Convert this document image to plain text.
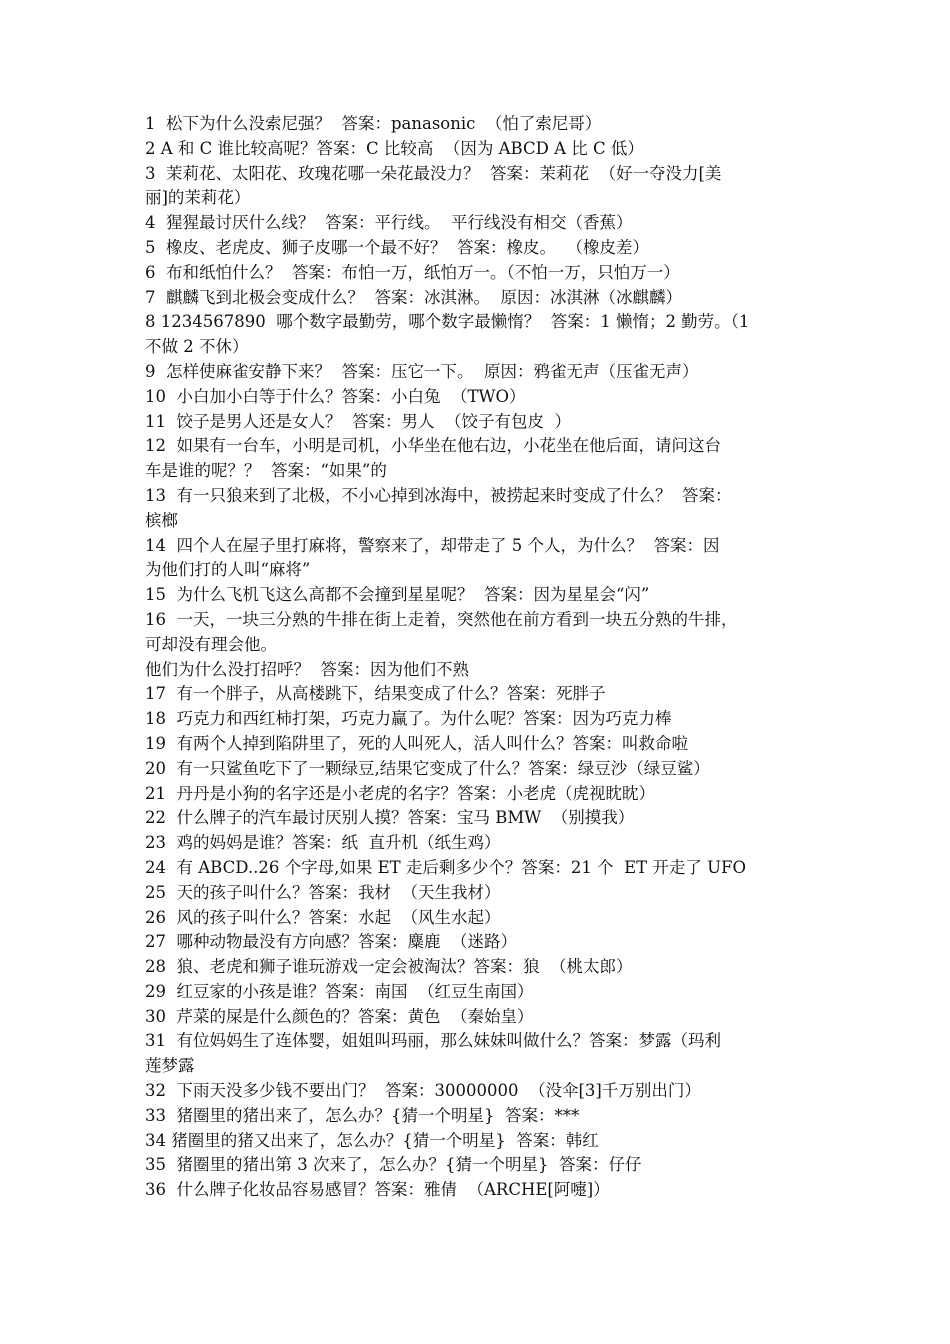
1  松下为什么没索尼强？  答案：panasonic  （怕了索尼哥）
2 A 和 C 谁比较高呢？答案：C 比较高  （因为 ABCD A 比 C 低）
3  茉莉花、太阳花、玫瑰花哪一朵花最没力？  答案：茉莉花  （好一夺没力[美
丽]的茉莉花）
4  猩猩最讨厌什么线？  答案：平行线。  平行线没有相交（香蕉）
5  橡皮、老虎皮、狮子皮哪一个最不好？  答案：橡皮。  （橡皮差）
6  布和纸怕什么？  答案：布怕一万，纸怕万一。（不怕一万，只怕万一）
7  麒麟飞到北极会变成什么？  答案：冰淇淋。  原因：冰淇淋（冰麒麟）
8 1234567890  哪个数字最勤劳，哪个数字最懒惰？  答案：1 懒惰；2 勤劳。（1
不做 2 不休）
9  怎样使麻雀安静下来？  答案：压它一下。  原因：鸦雀无声（压雀无声）
10  小白加小白等于什么？答案：小白兔  （TWO）
11  饺子是男人还是女人？  答案：男人  （饺子有包皮  ）
12  如果有一台车，小明是司机，小华坐在他右边，小花坐在他后面，请问这台
车是谁的呢？？  答案：“如果”的
13  有一只狼来到了北极，不小心掉到冰海中，被捞起来时变成了什么？  答案：
槟榔
14  四个人在屋子里打麻将，警察来了，却带走了 5 个人，为什么？  答案：因
为他们打的人叫“麻将”
15  为什么飞机飞这么高都不会撞到星星呢？  答案：因为星星会“闪”
16  一天，一块三分熟的牛排在街上走着，突然他在前方看到一块五分熟的牛排，
可却没有理会他。
他们为什么没打招呼？  答案：因为他们不熟
17  有一个胖子，从高楼跳下，结果变成了什么？答案：死胖子
18  巧克力和西红柿打架，巧克力赢了。为什么呢？答案：因为巧克力棒
19  有两个人掉到陷阱里了，死的人叫死人，活人叫什么？答案：叫救命啦
20  有一只鲨鱼吃下了一颗绿豆,结果它变成了什么？答案：绿豆沙（绿豆鲨）
21  丹丹是小狗的名字还是小老虎的名字？答案：小老虎（虎视眈眈）
22  什么牌子的汽车最讨厌别人摸？答案：宝马 BMW  （别摸我）
23  鸡的妈妈是谁？答案：纸  直升机（纸生鸡）
24  有 ABCD..26 个字母,如果 ET 走后剩多少个？答案：21 个  ET 开走了 UFO
25  天的孩子叫什么？答案：我材  （天生我材）
26  风的孩子叫什么？答案：水起  （风生水起）
27  哪种动物最没有方向感？答案：麋鹿  （迷路）
28  狼、老虎和狮子谁玩游戏一定会被淘汰？答案：狼  （桃太郎）
29  红豆家的小孩是谁？答案：南国  （红豆生南国）
30  芹菜的屎是什么颜色的？答案：黄色  （秦始皇）
31  有位妈妈生了连体婴，姐姐叫玛丽，那么妹妹叫做什么？答案：梦露（玛利
莲梦露
32  下雨天没多少钱不要出门？  答案：30000000  （没伞[3]千万别出门）
33  猪圈里的猪出来了，怎么办？{猜一个明星}  答案：***
34 猪圈里的猪又出来了，怎么办？{猜一个明星}  答案：韩红
35  猪圈里的猪出第 3 次来了，怎么办？{猜一个明星}  答案：仔仔
36  什么牌子化妆品容易感冒？答案：雅倩  （ARCHE[阿嚏]）
